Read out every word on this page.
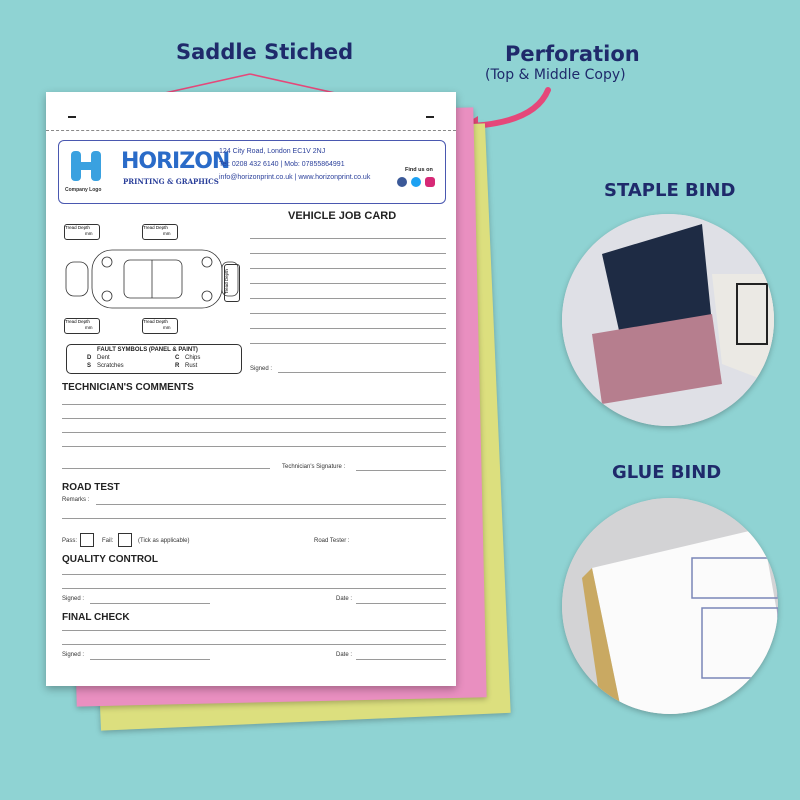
Saddle Stiched	Perforation
(Top & Middle Copy)
STAPLE BIND
GLUE BIND
Company Logo
HORIZON
PRINTING & GRAPHICS
124 City Road, London EC1V 2NJ
Tel: 0208 432 6140 | Mob: 07855864991
info@horizonprint.co.uk | www.horizonprint.co.uk
Find us on
VEHICLE JOB CARD
Tread Depth
mm
Tread Depth
mm
Tread Depth
mm
Tread Depth
mm
Tread Depth
FAULT SYMBOLS (PANEL & PAINT)
D Dent	C Chips
S Scratches	R Rust	Signed :
TECHNICIAN'S COMMENTS
Technician's Signature :
ROAD TEST
Remarks :
Pass:	Fail:	(Tick as applicable)	Road Tester :
QUALITY CONTROL
Signed :	Date :
FINAL CHECK
Signed :	Date :
